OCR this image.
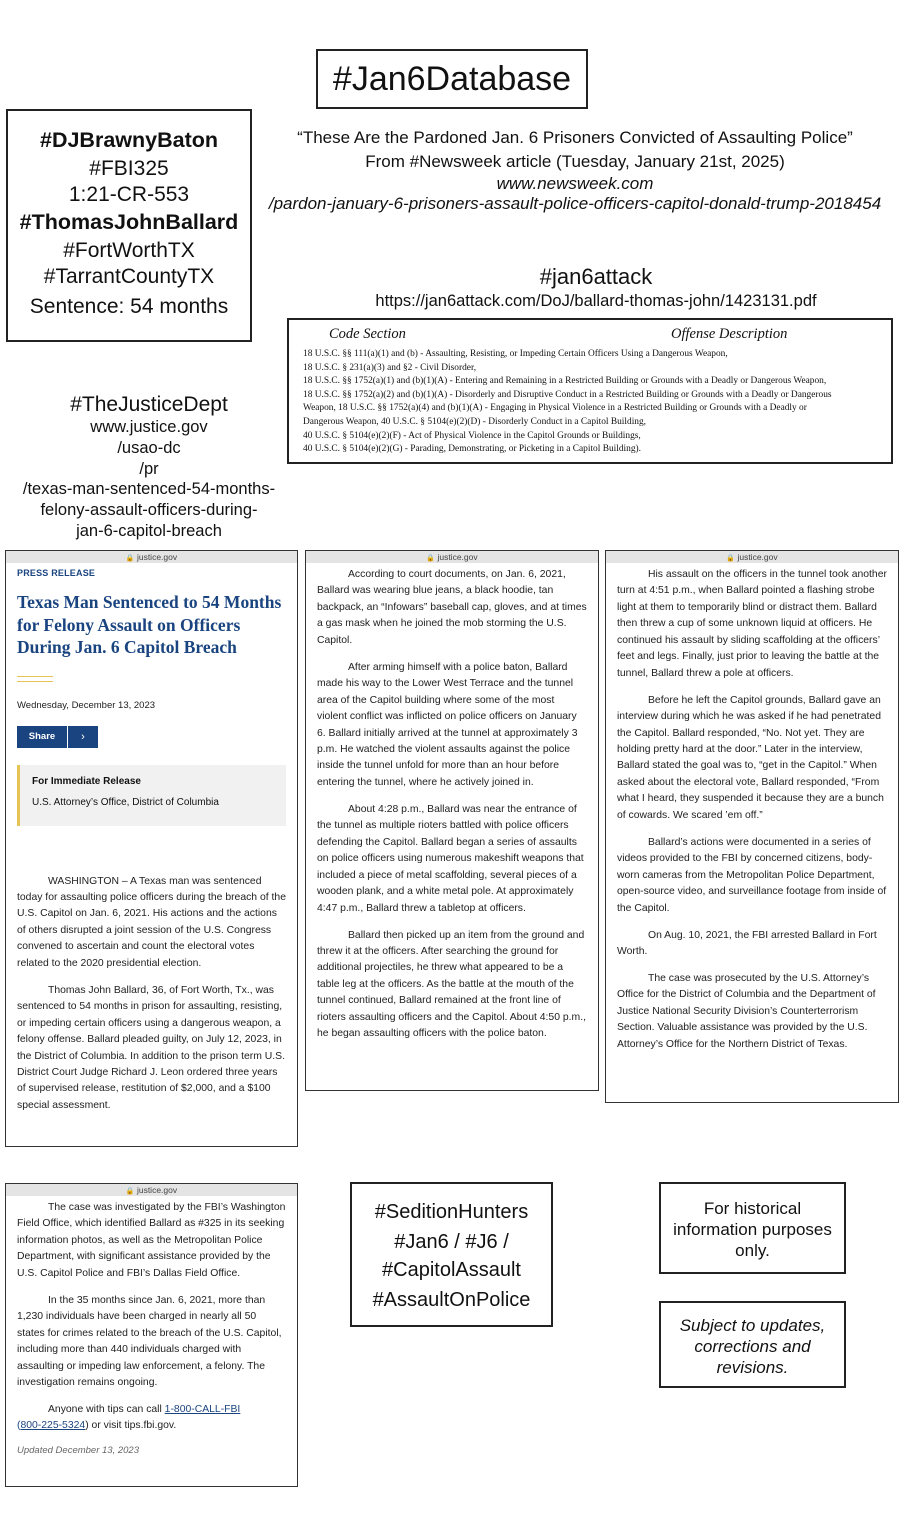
#Jan6Database
#DJBrawnyBaton
#FBI325
1:21-CR-553
#ThomasJohnBallard
#FortWorthTX
#TarrantCountyTX
Sentence: 54 months
“These Are the Pardoned Jan. 6 Prisoners Convicted of Assaulting Police”
From #Newsweek article (Tuesday, January 21st, 2025)
www.newsweek.com
/pardon-january-6-prisoners-assault-police-officers-capitol-donald-trump-2018454
#jan6attack
https://jan6attack.com/DoJ/ballard-thomas-john/1423131.pdf
Code Section	Offense Description
18 U.S.C. §§ 111(a)(1) and (b) - Assaulting, Resisting, or Impeding Certain Officers Using a Dangerous Weapon,
18 U.S.C. § 231(a)(3) and §2 - Civil Disorder,
18 U.S.C. §§ 1752(a)(1) and (b)(1)(A) - Entering and Remaining in a Restricted Building or Grounds with a Deadly or Dangerous Weapon,
18 U.S.C. §§ 1752(a)(2) and (b)(1)(A) - Disorderly and Disruptive Conduct in a Restricted Building or Grounds with a Deadly or Dangerous
Weapon, 18 U.S.C. §§ 1752(a)(4) and (b)(1)(A) - Engaging in Physical Violence in a Restricted Building or Grounds with a Deadly or
Dangerous Weapon, 40 U.S.C. § 5104(e)(2)(D) - Disorderly Conduct in a Capitol Building,
40 U.S.C. § 5104(e)(2)(F) - Act of Physical Violence in the Capitol Grounds or Buildings,
40 U.S.C. § 5104(e)(2)(G) - Parading, Demonstrating, or Picketing in a Capitol Building).
#TheJusticeDept
www.justice.gov
/usao-dc
/pr
/texas-man-sentenced-54-months-
felony-assault-officers-during-
jan-6-capitol-breach
🔒 justice.gov
PRESS RELEASE
Texas Man Sentenced to 54 Months for Felony Assault on Officers During Jan. 6 Capitol Breach
Wednesday, December 13, 2023
Share	›
For Immediate Release
U.S. Attorney’s Office, District of Columbia

WASHINGTON – A Texas man was sentenced today for assaulting police officers during the breach of the U.S. Capitol on Jan. 6, 2021. His actions and the actions of others disrupted a joint session of the U.S. Congress convened to ascertain and count the electoral votes related to the 2020 presidential election.

Thomas John Ballard, 36, of Fort Worth, Tx., was sentenced to 54 months in prison for assaulting, resisting, or impeding certain officers using a dangerous weapon, a felony offense. Ballard pleaded guilty, on July 12, 2023, in the District of Columbia. In addition to the prison term U.S. District Court Judge Richard J. Leon ordered three years of supervised release, restitution of $2,000, and a $100 special assessment.

🔒 justice.gov

According to court documents, on Jan. 6, 2021, Ballard was wearing blue jeans, a black hoodie, tan backpack, an “Infowars” baseball cap, gloves, and at times a gas mask when he joined the mob storming the U.S. Capitol.

After arming himself with a police baton, Ballard made his way to the Lower West Terrace and the tunnel area of the Capitol building where some of the most violent conflict was inflicted on police officers on January 6. Ballard initially arrived at the tunnel at approximately 3 p.m. He watched the violent assaults against the police inside the tunnel unfold for more than an hour before entering the tunnel, where he actively joined in.

About 4:28 p.m., Ballard was near the entrance of the tunnel as multiple rioters battled with police officers defending the Capitol. Ballard began a series of assaults on police officers using numerous makeshift weapons that included a piece of metal scaffolding, several pieces of a wooden plank, and a white metal pole. At approximately 4:47 p.m., Ballard threw a tabletop at officers.

Ballard then picked up an item from the ground and threw it at the officers. After searching the ground for additional projectiles, he threw what appeared to be a table leg at the officers. As the battle at the mouth of the tunnel continued, Ballard remained at the front line of rioters assaulting officers and the Capitol. About 4:50 p.m., he began assaulting officers with the police baton.

🔒 justice.gov

His assault on the officers in the tunnel took another turn at 4:51 p.m., when Ballard pointed a flashing strobe light at them to temporarily blind or distract them. Ballard then threw a cup of some unknown liquid at officers. He continued his assault by sliding scaffolding at the officers’ feet and legs. Finally, just prior to leaving the battle at the tunnel, Ballard threw a pole at officers.

Before he left the Capitol grounds, Ballard gave an interview during which he was asked if he had penetrated the Capitol. Ballard responded, “No. Not yet. They are holding pretty hard at the door.” Later in the interview, Ballard stated the goal was to, “get in the Capitol.” When asked about the electoral vote, Ballard responded, “From what I heard, they suspended it because they are a bunch of cowards. We scared ’em off.”

Ballard’s actions were documented in a series of videos provided to the FBI by concerned citizens, body-worn cameras from the Metropolitan Police Department, open-source video, and surveillance footage from inside of the Capitol.

On Aug. 10, 2021, the FBI arrested Ballard in Fort Worth.

The case was prosecuted by the U.S. Attorney’s Office for the District of Columbia and the Department of Justice National Security Division’s Counterterrorism Section. Valuable assistance was provided by the U.S. Attorney’s Office for the Northern District of Texas.

🔒 justice.gov

The case was investigated by the FBI’s Washington Field Office, which identified Ballard as #325 in its seeking information photos, as well as the Metropolitan Police Department, with significant assistance provided by the U.S. Capitol Police and FBI’s Dallas Field Office.

In the 35 months since Jan. 6, 2021, more than 1,230 individuals have been charged in nearly all 50 states for crimes related to the breach of the U.S. Capitol, including more than 440 individuals charged with assaulting or impeding law enforcement, a felony. The investigation remains ongoing.

Anyone with tips can call 1-800-CALL-FBI
(800-225-5324) or visit tips.fbi.gov.

Updated December 13, 2023
#SeditionHunters
#Jan6 / #J6 /
#CapitolAssault
#AssaultOnPolice
For historical information purposes only.
Subject to updates, corrections and revisions.
